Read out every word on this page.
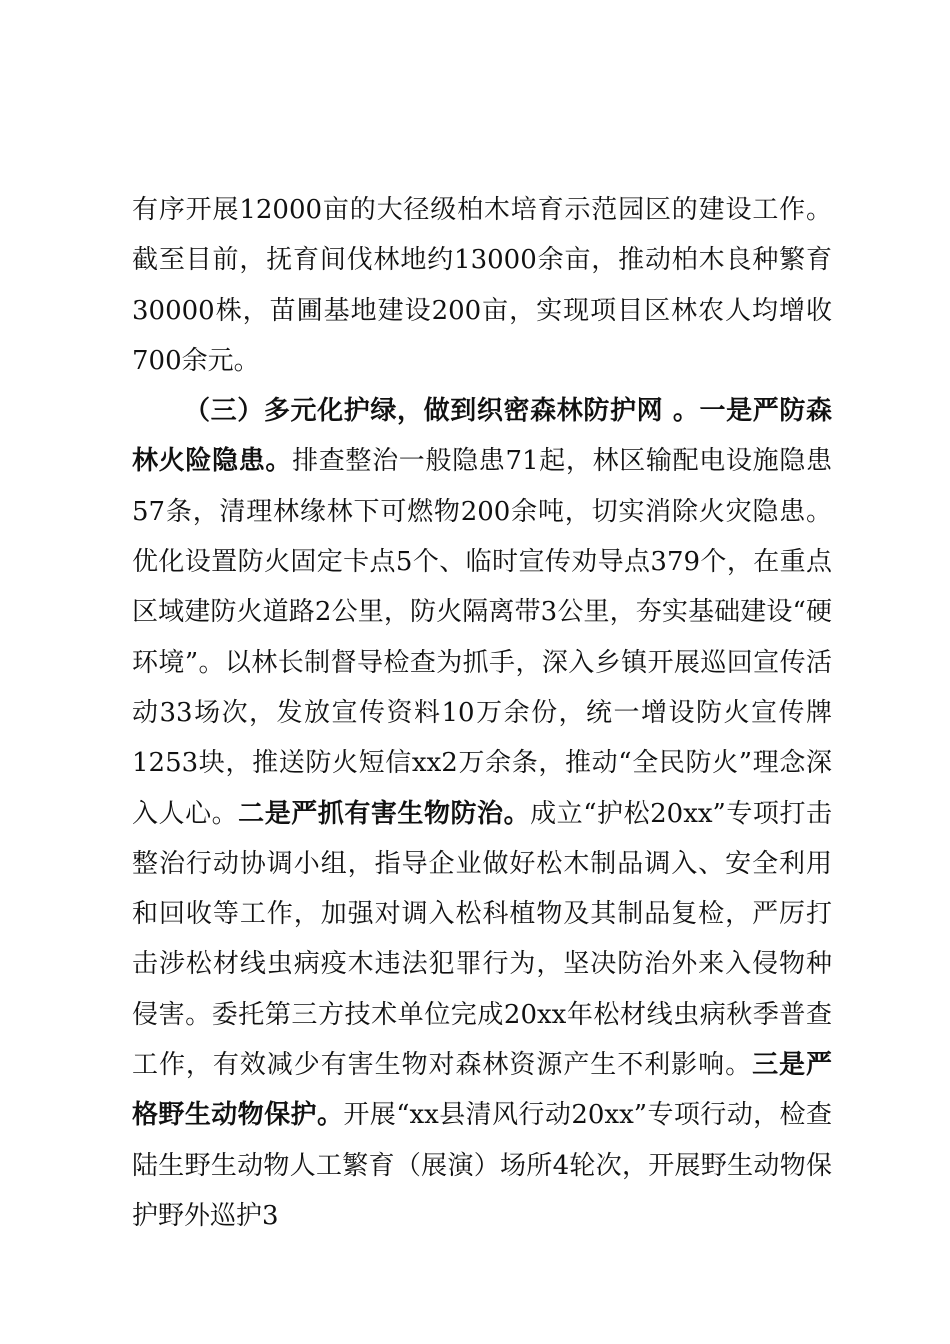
有序开展12000亩的大径级柏木培育示范园区的建设工作。截至目前，抚育间伐林地约13000余亩，推动柏木良种繁育30000株，苗圃基地建设200亩，实现项目区林农人均增收700余元。

（三）多元化护绿，做到织密森林防护网 。一是严防森林火险隐患。排查整治一般隐患71起，林区输配电设施隐患57条，清理林缘林下可燃物200余吨，切实消除火灾隐患。优化设置防火固定卡点5个、临时宣传劝导点379个，在重点区域建防火道路2公里，防火隔离带3公里，夯实基础建设“硬环境”。以林长制督导检查为抓手，深入乡镇开展巡回宣传活动33场次，发放宣传资料10万余份，统一增设防火宣传牌1253块，推送防火短信xx2万余条，推动“全民防火”理念深入人心。二是严抓有害生物防治。成立“护松20xx”专项打击整治行动协调小组，指导企业做好松木制品调入、安全利用和回收等工作，加强对调入松科植物及其制品复检，严厉打击涉松材线虫病疫木违法犯罪行为，坚决防治外来入侵物种侵害。委托第三方技术单位完成20xx年松材线虫病秋季普查工作，有效减少有害生物对森林资源产生不利影响。三是严格野生动物保护。开展“xx县清风行动20xx”专项行动，检查陆生野生动物人工繁育（展演）场所4轮次，开展野生动物保护野外巡护3
